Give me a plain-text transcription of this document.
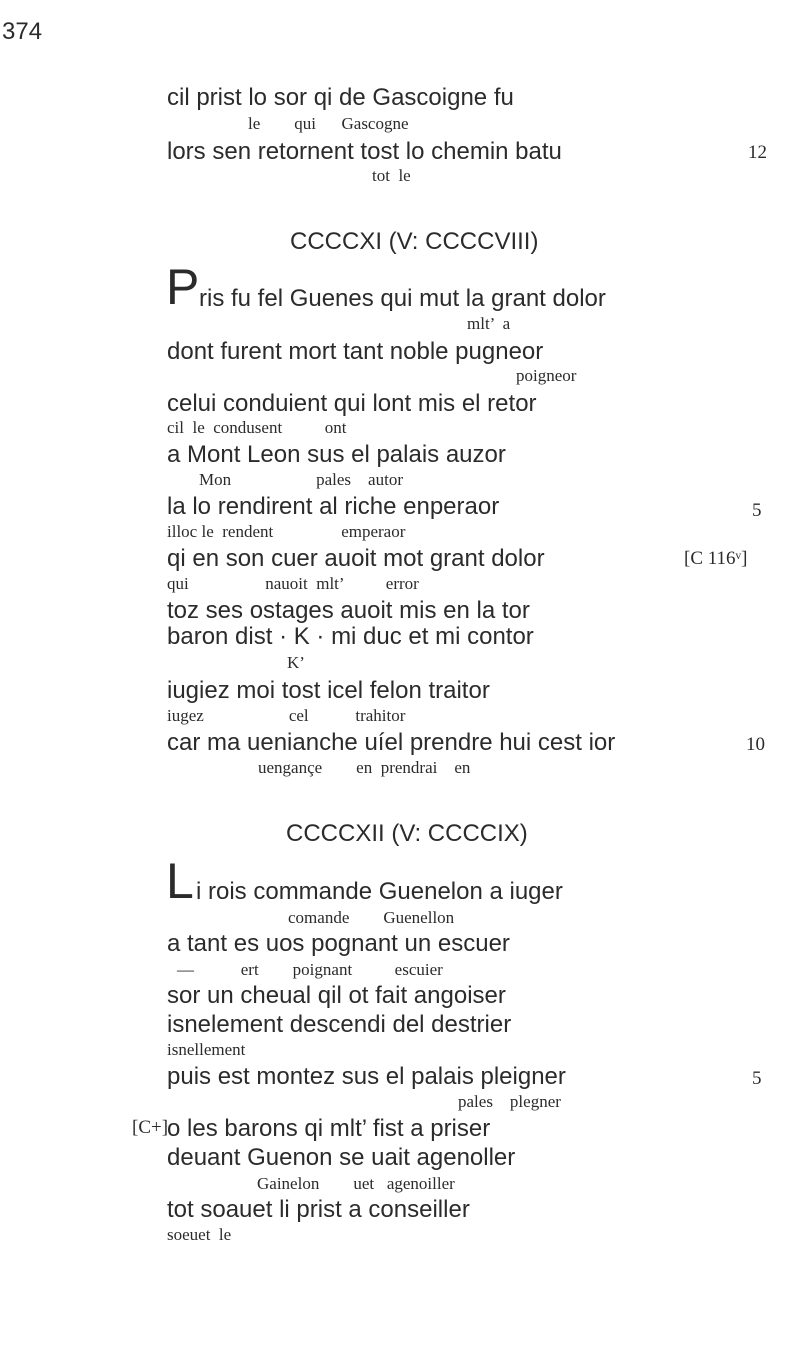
374
cil prist lo sor qi de Gascoigne fu
le        qui      Gascogne
lors sen retornent tost lo chemin batu	12
tot  le
CCCCXI (V: CCCCVIII)
P ris fu fel Guenes qui mut la grant dolor
mlt’  a
dont furent mort tant noble pugneor
poigneor
celui conduient qui lont mis el retor
cil  le  condusent          ont
a Mont Leon sus el palais auzor
Mon                    pales    autor
la lo rendirent al riche enperaor	5
illoc le  rendent                emperaor
qi en son cuer auoit mot grant dolor	[C 116ᵛ]
qui                  nauoit  mlt’          error
toz ses ostages auoit mis en la tor
baron dist · K · mi duc et mi contor
K’
iugiez moi tost icel felon traitor
iugez                    cel           trahitor
car ma uenianche uíel prendre hui cest ior	10
uengançe        en  prendrai    en
CCCCXII (V: CCCCIX)
L i rois commande Guenelon a iuger
comande        Guenellon
a tant es uos pognant un escuer
—           ert        poignant          escuier
sor un cheual qil ot fait angoiser
isnelement descendi del destrier
isnellement
puis est montez sus el palais pleigner	5
pales    plegner
[C+]
o les barons qi mlt’ fist a priser
deuant Guenon se uait agenoller
Gainelon        uet   agenoiller
tot soauet li prist a conseiller
soeuet  le
